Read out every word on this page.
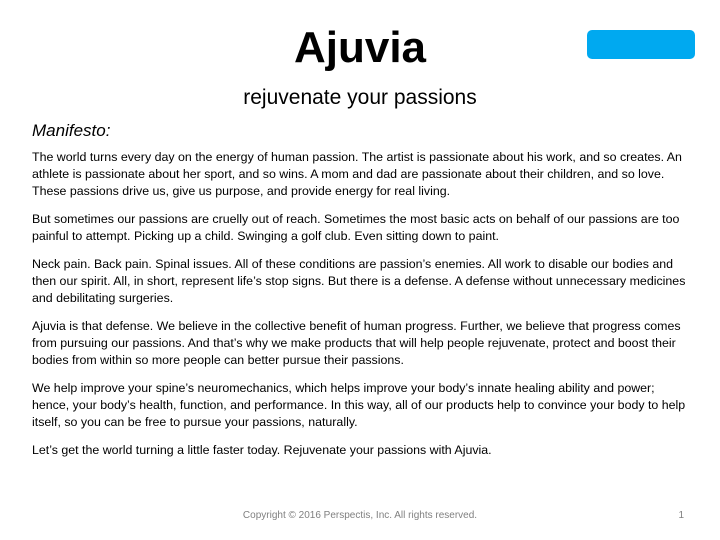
Ajuvia
rejuvenate your passions
Manifesto:

The world turns every day on the energy of human passion. The artist is passionate about his work, and so creates. An athlete is passionate about her sport, and so wins. A mom and dad are passionate about their children, and so love. These passions drive us, give us purpose, and provide energy for real living.

But sometimes our passions are cruelly out of reach. Sometimes the most basic acts on behalf of our passions are too painful to attempt. Picking up a child. Swinging a golf club. Even sitting down to paint.

Neck pain. Back pain. Spinal issues. All of these conditions are passion’s enemies. All work to disable our bodies and then our spirit. All, in short, represent life’s stop signs. But there is a defense. A defense without unnecessary medicines and debilitating surgeries.

Ajuvia is that defense. We believe in the collective benefit of human progress. Further, we believe that progress comes from pursuing our passions. And that’s why we make products that will help people rejuvenate, protect and boost their bodies from within so more people can better pursue their passions.

We help improve your spine’s neuromechanics, which helps improve your body’s innate healing ability and power; hence, your body’s health, function, and performance. In this way, all of our products help to convince your body to help itself, so you can be free to pursue your passions, naturally.

Let’s get the world turning a little faster today. Rejuvenate your passions with Ajuvia.

Copyright © 2016 Perspectis, Inc. All rights reserved.	1
